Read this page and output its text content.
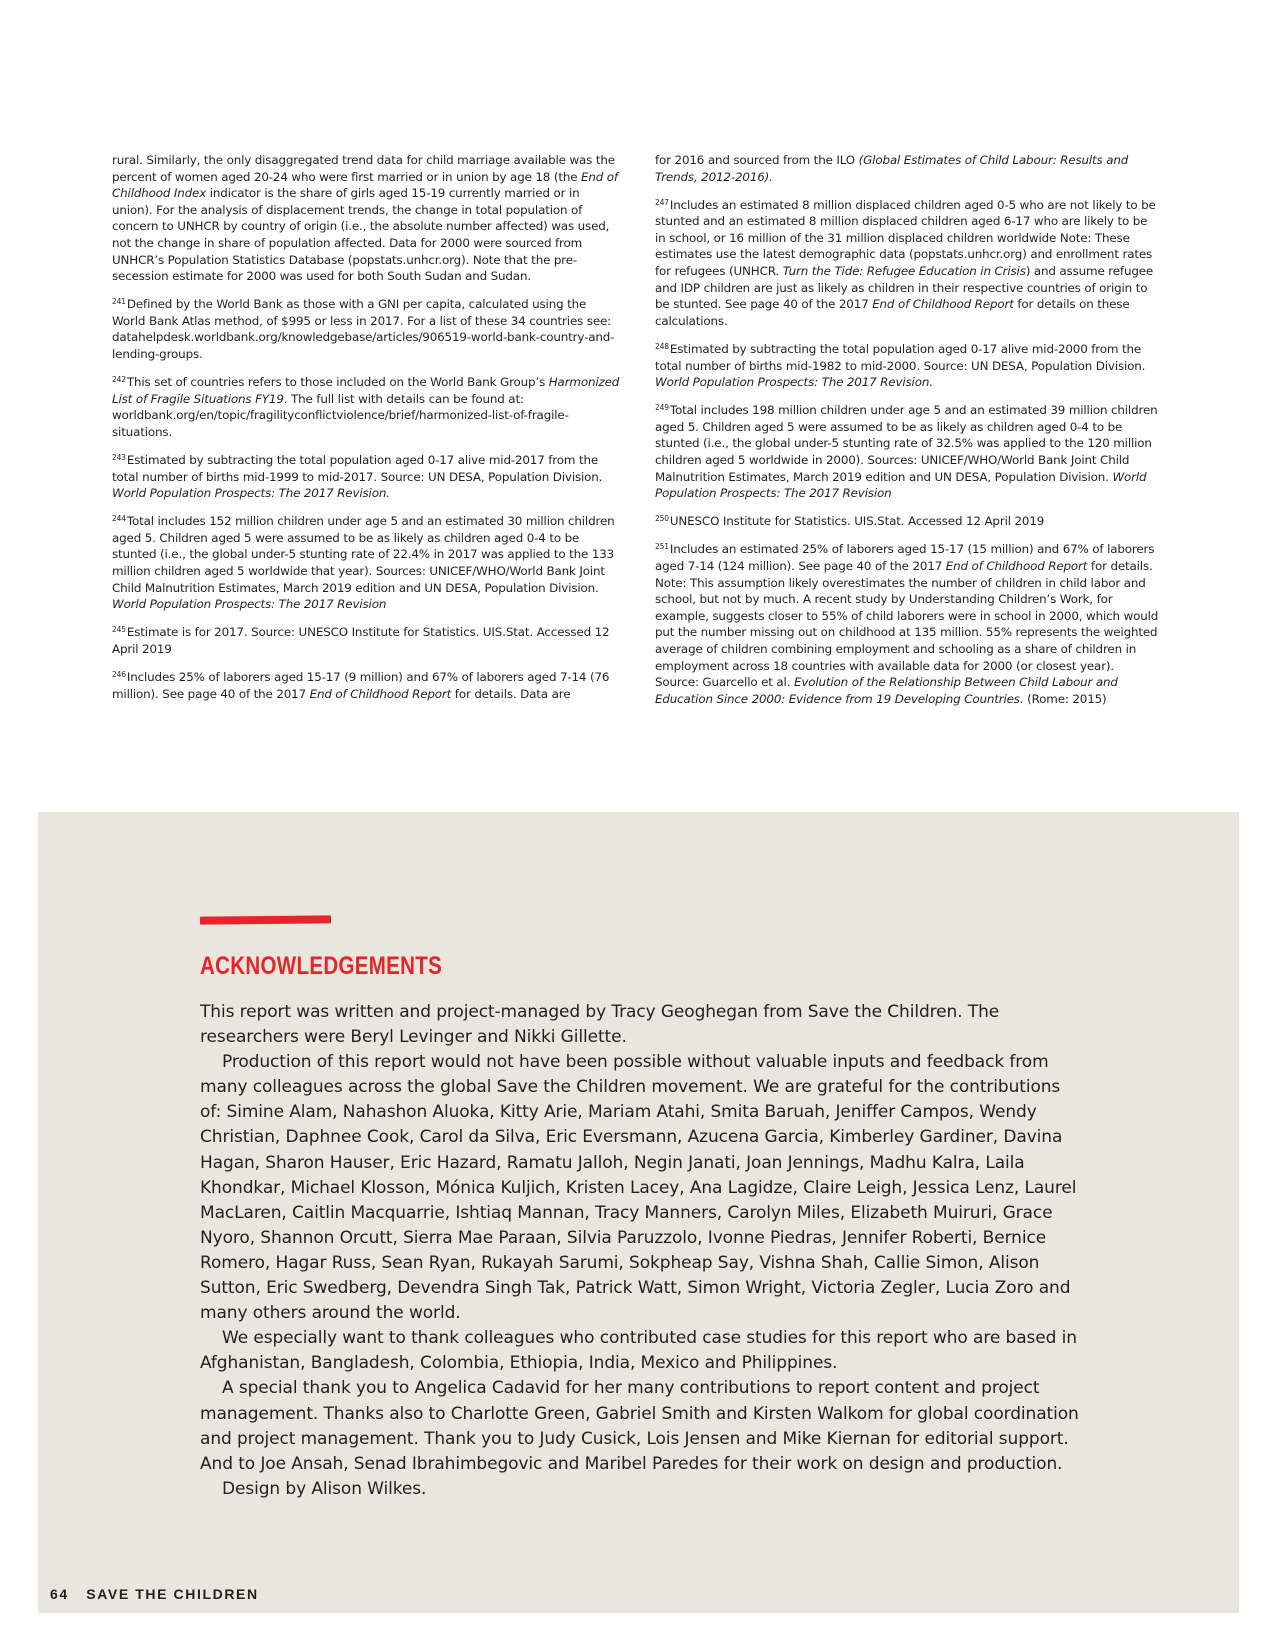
rural. Similarly, the only disaggregated trend data for child marriage available was the percent of women aged 20-24 who were first married or in union by age 18 (the End of Childhood Index indicator is the share of girls aged 15-19 currently married or in union). For the analysis of displacement trends, the change in total population of concern to UNHCR by country of origin (i.e., the absolute number affected) was used, not the change in share of population affected. Data for 2000 were sourced from UNHCR’s Population Statistics Database (popstats.unhcr.org). Note that the pre-secession estimate for 2000 was used for both South Sudan and Sudan.

$^{241}$Defined by the World Bank as those with a GNI per capita, calculated using the World Bank Atlas method, of $995 or less in 2017. For a list of these 34 countries see: datahelpdesk.worldbank.org/knowledgebase/articles/906519-world-bank-country-and-lending-groups.

$^{242}$This set of countries refers to those included on the World Bank Group’s Harmonized List of Fragile Situations FY19. The full list with details can be found at: worldbank.org/en/topic/fragilityconflictviolence/brief/harmonized-list-of-fragile-situations.

$^{243}$Estimated by subtracting the total population aged 0-17 alive mid-2017 from the total number of births mid-1999 to mid-2017. Source: UN DESA, Population Division. World Population Prospects: The 2017 Revision.

$^{244}$Total includes 152 million children under age 5 and an estimated 30 million children aged 5. Children aged 5 were assumed to be as likely as children aged 0-4 to be stunted (i.e., the global under-5 stunting rate of 22.4% in 2017 was applied to the 133 million children aged 5 worldwide that year). Sources: UNICEF/WHO/World Bank Joint Child Malnutrition Estimates, March 2019 edition and UN DESA, Population Division. World Population Prospects: The 2017 Revision

$^{245}$Estimate is for 2017. Source: UNESCO Institute for Statistics. UIS.Stat. Accessed 12 April 2019

$^{246}$Includes 25% of laborers aged 15-17 (9 million) and 67% of laborers aged 7-14 (76 million). See page 40 of the 2017 End of Childhood Report for details. Data are

for 2016 and sourced from the ILO (Global Estimates of Child Labour: Results and Trends, 2012-2016).

$^{247}$Includes an estimated 8 million displaced children aged 0-5 who are not likely to be stunted and an estimated 8 million displaced children aged 6-17 who are likely to be in school, or 16 million of the 31 million displaced children worldwide Note: These estimates use the latest demographic data (popstats.unhcr.org) and enrollment rates for refugees (UNHCR. Turn the Tide: Refugee Education in Crisis) and assume refugee and IDP children are just as likely as children in their respective countries of origin to be stunted. See page 40 of the 2017 End of Childhood Report for details on these calculations.

$^{248}$Estimated by subtracting the total population aged 0-17 alive mid-2000 from the total number of births mid-1982 to mid-2000. Source: UN DESA, Population Division. World Population Prospects: The 2017 Revision.

$^{249}$Total includes 198 million children under age 5 and an estimated 39 million children aged 5. Children aged 5 were assumed to be as likely as children aged 0-4 to be stunted (i.e., the global under-5 stunting rate of 32.5% was applied to the 120 million children aged 5 worldwide in 2000). Sources: UNICEF/WHO/World Bank Joint Child Malnutrition Estimates, March 2019 edition and UN DESA, Population Division. World Population Prospects: The 2017 Revision

$^{250}$UNESCO Institute for Statistics. UIS.Stat. Accessed 12 April 2019

$^{251}$Includes an estimated 25% of laborers aged 15-17 (15 million) and 67% of laborers aged 7-14 (124 million). See page 40 of the 2017 End of Childhood Report for details. Note: This assumption likely overestimates the number of children in child labor and school, but not by much. A recent study by Understanding Children’s Work, for example, suggests closer to 55% of child laborers were in school in 2000, which would put the number missing out on childhood at 135 million. 55% represents the weighted average of children combining employment and schooling as a share of children in employment across 18 countries with available data for 2000 (or closest year). Source: Guarcello et al. Evolution of the Relationship Between Child Labour and Education Since 2000: Evidence from 19 Developing Countries. (Rome: 2015)

ACKNOWLEDGEMENTS

This report was written and project-managed by Tracy Geoghegan from Save the Children. The researchers were Beryl Levinger and Nikki Gillette.

Production of this report would not have been possible without valuable inputs and feedback from many colleagues across the global Save the Children movement. We are grateful for the contributions of: Simine Alam, Nahashon Aluoka, Kitty Arie, Mariam Atahi, Smita Baruah, Jeniffer Campos, Wendy Christian, Daphnee Cook, Carol da Silva, Eric Eversmann, Azucena Garcia, Kimberley Gardiner, Davina Hagan, Sharon Hauser, Eric Hazard, Ramatu Jalloh, Negin Janati, Joan Jennings, Madhu Kalra, Laila Khondkar, Michael Klosson, Mónica Kuljich, Kristen Lacey, Ana Lagidze, Claire Leigh, Jessica Lenz, Laurel MacLaren, Caitlin Macquarrie, Ishtiaq Mannan, Tracy Manners, Carolyn Miles, Elizabeth Muiruri, Grace Nyoro, Shannon Orcutt, Sierra Mae Paraan, Silvia Paruzzolo, Ivonne Piedras, Jennifer Roberti, Bernice Romero, Hagar Russ, Sean Ryan, Rukayah Sarumi, Sokpheap Say, Vishna Shah, Callie Simon, Alison Sutton, Eric Swedberg, Devendra Singh Tak, Patrick Watt, Simon Wright, Victoria Zegler, Lucia Zoro and many others around the world.

We especially want to thank colleagues who contributed case studies for this report who are based in Afghanistan, Bangladesh, Colombia, Ethiopia, India, Mexico and Philippines.

A special thank you to Angelica Cadavid for her many contributions to report content and project management. Thanks also to Charlotte Green, Gabriel Smith and Kirsten Walkom for global coordination and project management. Thank you to Judy Cusick, Lois Jensen and Mike Kiernan for editorial support. And to Joe Ansah, Senad Ibrahimbegovic and Maribel Paredes for their work on design and production.

Design by Alison Wilkes.

64 SAVE THE CHILDREN
